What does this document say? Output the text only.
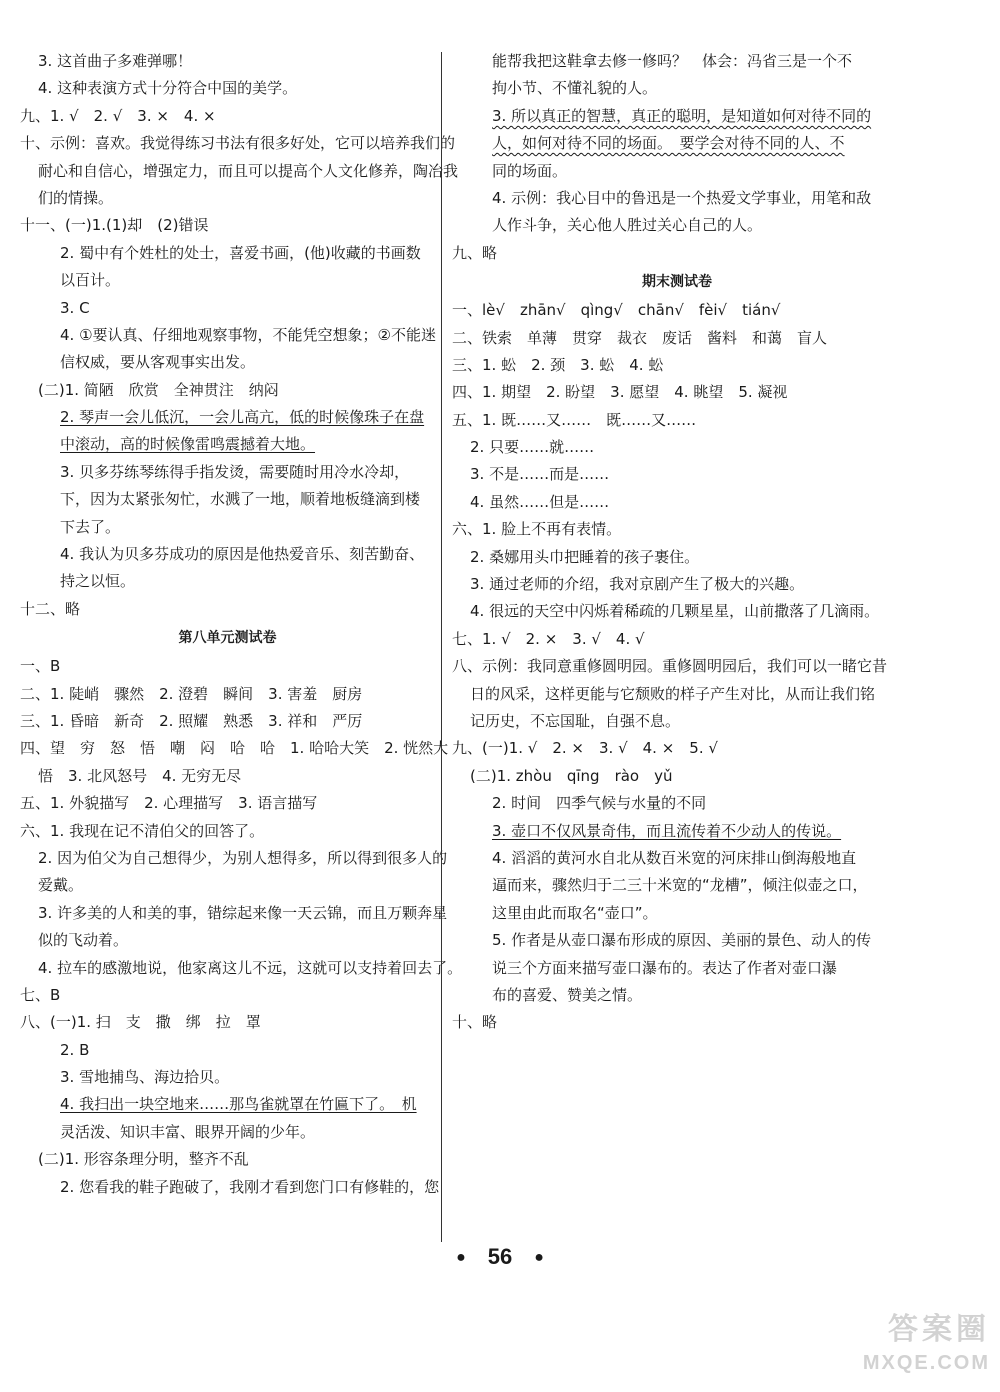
3. 这首曲子多难弹哪！
4. 这种表演方式十分符合中国的美学。
九、1. √　2. √　3. ×　4. ×
十、示例：喜欢。我觉得练习书法有很多好处，它可以培养我们的
耐心和自信心，增强定力，而且可以提高个人文化修养，陶冶我
们的情操。
十一、(一)1.(1)却　(2)错误
2. 蜀中有个姓杜的处士，喜爱书画，(他)收藏的书画数
以百计。
3. C
4. ①要认真、仔细地观察事物，不能凭空想象；②不能迷
信权威，要从客观事实出发。
(二)1. 简陋　欣赏　全神贯注　纳闷
2. 琴声一会儿低沉，一会儿高亢，低的时候像珠子在盘
中滚动，高的时候像雷鸣震撼着大地。
3. 贝多芬练琴练得手指发烫，需要随时用冷水冷却，
下，因为太紧张匆忙，水溅了一地，顺着地板缝滴到楼
下去了。
4. 我认为贝多芬成功的原因是他热爱音乐、刻苦勤奋、
持之以恒。
十二、略
第八单元测试卷
一、B
二、1. 陡峭　骤然　2. 澄碧　瞬间　3. 害羞　厨房
三、1. 昏暗　新奇　2. 照耀　熟悉　3. 祥和　严厉
四、望　穷　怒　悟　嘲　闷　哈　哈　1. 哈哈大笑　2. 恍然大
悟　3. 北风怒号　4. 无穷无尽
五、1. 外貌描写　2. 心理描写　3. 语言描写
六、1. 我现在记不清伯父的回答了。
2. 因为伯父为自己想得少，为别人想得多，所以得到很多人的
爱戴。
3. 许多美的人和美的事，错综起来像一天云锦，而且万颗奔星
似的飞动着。
4. 拉车的感激地说，他家离这儿不远，这就可以支持着回去了。
七、B
八、(一)1. 扫　支　撒　绑　拉　罩
2. B
3. 雪地捕鸟、海边拾贝。
4. 我扫出一块空地来……那鸟雀就罩在竹匾下了。　机
灵活泼、知识丰富、眼界开阔的少年。
(二)1. 形容条理分明，整齐不乱
2. 您看我的鞋子跑破了，我刚才看到您门口有修鞋的，您
能帮我把这鞋拿去修一修吗？　体会：冯省三是一个不
拘小节、不懂礼貌的人。
3. 所以真正的智慧，真正的聪明，是知道如何对待不同的
人，如何对待不同的场面。　要学会对待不同的人、不
同的场面。
4. 示例：我心目中的鲁迅是一个热爱文学事业，用笔和敌
人作斗争，关心他人胜过关心自己的人。
九、略
期末测试卷
一、lè√　zhān√　qìng√　chān√　fèi√　tián√
二、铁索　单薄　贯穿　裁衣　废话　酱料　和蔼　盲人
三、1. 蚣　2. 颈　3. 蚣　4. 蚣
四、1. 期望　2. 盼望　3. 愿望　4. 眺望　5. 凝视
五、1. 既……又……　既……又……
2. 只要……就……
3. 不是……而是……
4. 虽然……但是……
六、1. 脸上不再有表情。
2. 桑娜用头巾把睡着的孩子裹住。
3. 通过老师的介绍，我对京剧产生了极大的兴趣。
4. 很远的天空中闪烁着稀疏的几颗星星，山前撒落了几滴雨。
七、1. √　2. ×　3. √　4. √
八、示例：我同意重修圆明园。重修圆明园后，我们可以一睹它昔
日的风采，这样更能与它颓败的样子产生对比，从而让我们铭
记历史，不忘国耻，自强不息。
九、(一)1. √　2. ×　3. √　4. ×　5. √
(二)1. zhòu　qīng　rào　yǔ
2. 时间　四季气候与水量的不同
3. 壶口不仅风景奇伟，而且流传着不少动人的传说。
4. 滔滔的黄河水自北从数百米宽的河床排山倒海般地直
逼而来，骤然归于二三十米宽的“龙槽”，倾注似壶之口，
这里由此而取名“壶口”。
5. 作者是从壶口瀑布形成的原因、美丽的景色、动人的传
说三个方面来描写壶口瀑布的。表达了作者对壶口瀑
布的喜爱、赞美之情。
十、略
● 56 ●
答案圈
MXQE.COM
